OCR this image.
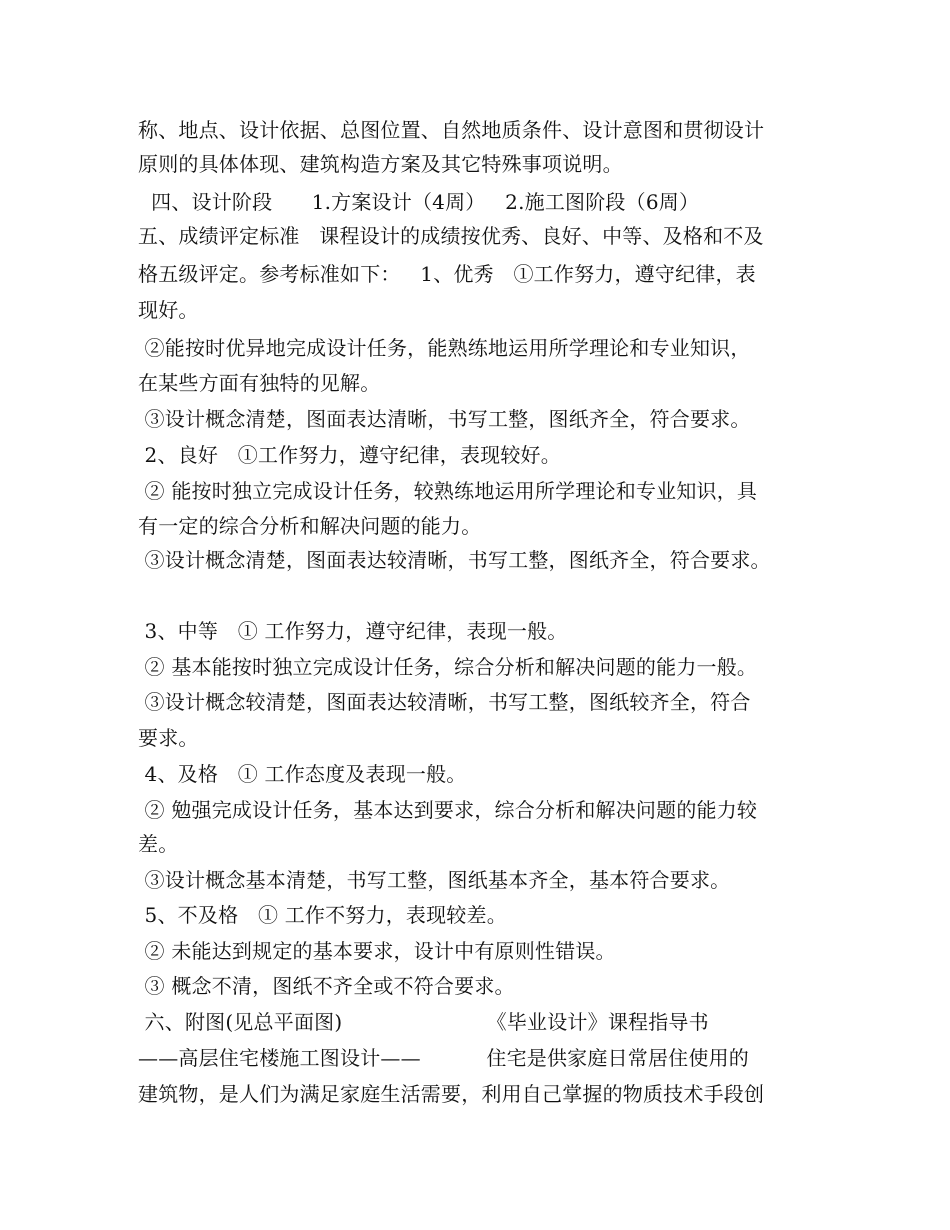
称、地点、设计依据、总图位置、自然地质条件、设计意图和贯彻设计
原则的具体体现、建筑构造方案及其它特殊事项说明。
四、设计阶段      1.方案设计（4周）   2.施工图阶段（6周）
五、成绩评定标准   课程设计的成绩按优秀、良好、中等、及格和不及
格五级评定。参考标准如下：   1、优秀   ①工作努力，遵守纪律，表
现好。
②能按时优异地完成设计任务，能熟练地运用所学理论和专业知识，
在某些方面有独特的见解。
③设计概念清楚，图面表达清晰，书写工整，图纸齐全，符合要求。
2、良好   ①工作努力，遵守纪律，表现较好。
② 能按时独立完成设计任务，较熟练地运用所学理论和专业知识，具
有一定的综合分析和解决问题的能力。
③设计概念清楚，图面表达较清晰，书写工整，图纸齐全，符合要求。
3、中等   ① 工作努力，遵守纪律，表现一般。
② 基本能按时独立完成设计任务，综合分析和解决问题的能力一般。
③设计概念较清楚，图面表达较清晰，书写工整，图纸较齐全，符合
要求。
4、及格   ① 工作态度及表现一般。
② 勉强完成设计任务，基本达到要求，综合分析和解决问题的能力较
差。
③设计概念基本清楚，书写工整，图纸基本齐全，基本符合要求。
5、不及格   ① 工作不努力，表现较差。
② 未能达到规定的基本要求，设计中有原则性错误。
③ 概念不清，图纸不齐全或不符合要求。
六、附图(见总平面图)                      《毕业设计》课程指导书
——高层住宅楼施工图设计——          住宅是供家庭日常居住使用的
建筑物，是人们为满足家庭生活需要，利用自己掌握的物质技术手段创
